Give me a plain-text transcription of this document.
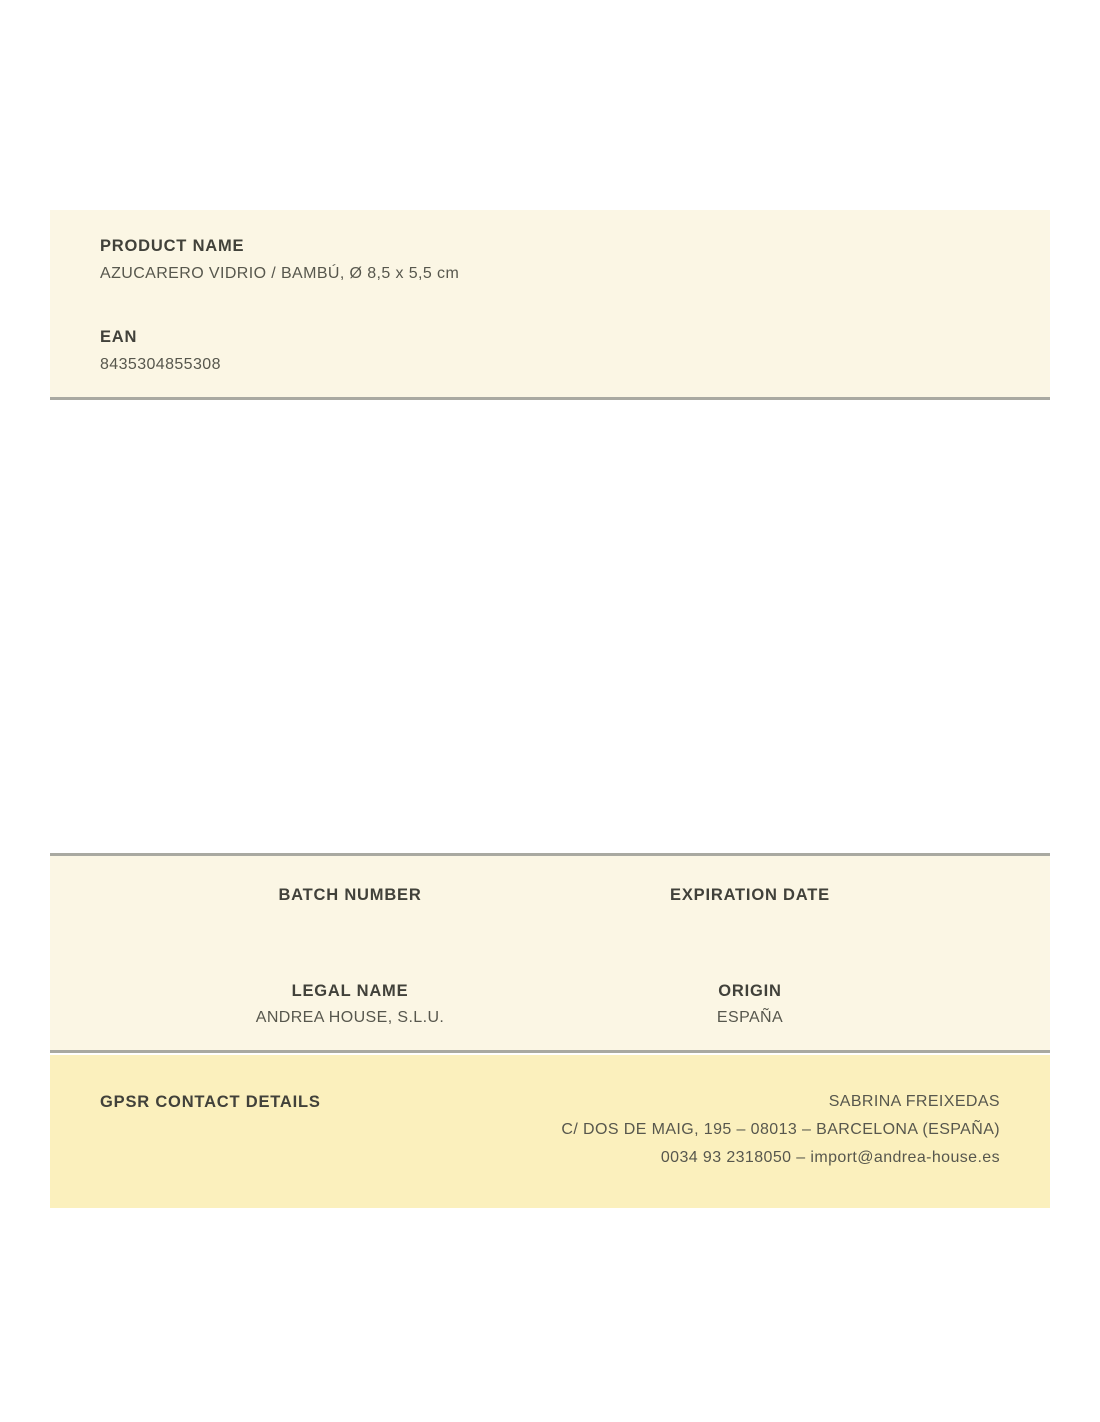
PRODUCT NAME
AZUCARERO VIDRIO / BAMBÚ, Ø 8,5 x 5,5 cm
EAN
8435304855308
BATCH NUMBER	EXPIRATION DATE
LEGAL NAME
ANDREA HOUSE, S.L.U.
ORIGIN
ESPAÑA
GPSR CONTACT DETAILS	SABRINA FREIXEDAS
C/ DOS DE MAIG, 195 – 08013 – BARCELONA (ESPAÑA)
0034 93 2318050 – import@andrea-house.es
